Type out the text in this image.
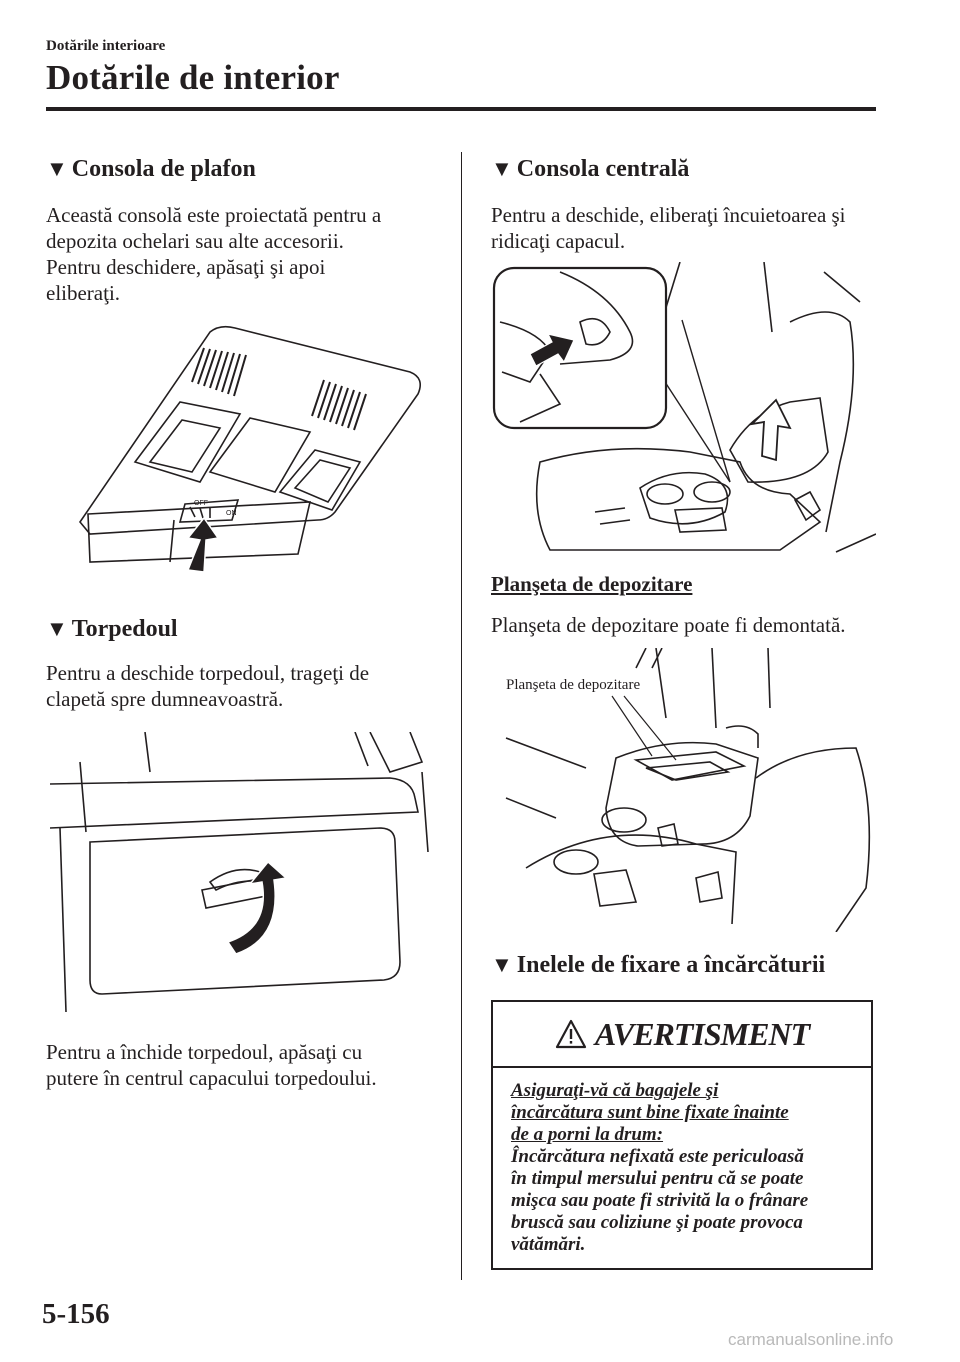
Dotările interioare
Dotările de interior
▼ Consola de plafon

Această consolă este proiectată pentru a

depozita ochelari sau alte accesorii.

Pentru deschidere, apăsaţi şi apoi

eliberaţi.

OFF
ON
▼ Torpedoul

Pentru a deschide torpedoul, trageţi de

clapetă spre dumneavoastră.

Pentru a închide torpedoul, apăsaţi cu

putere în centrul capacului torpedoului.

▼ Consola centrală

Pentru a deschide, eliberaţi încuietoarea şi

ridicaţi capacul.

Planşeta de depozitare
Planşeta de depozitare poate fi demontată.
Planşeta de depozitare
▼ Inelele de fixare a încărcăturii
AVERTISMENT

Asiguraţi-vă că bagajele şi

încărcătura sunt bine fixate înainte

de a porni la drum:

Încărcătura nefixată este periculoasă

în timpul mersului pentru că se poate

mişca sau poate fi strivită la o frânare

bruscă sau coliziune şi poate provoca

vătămări.

5-156
carmanualsonline.info
